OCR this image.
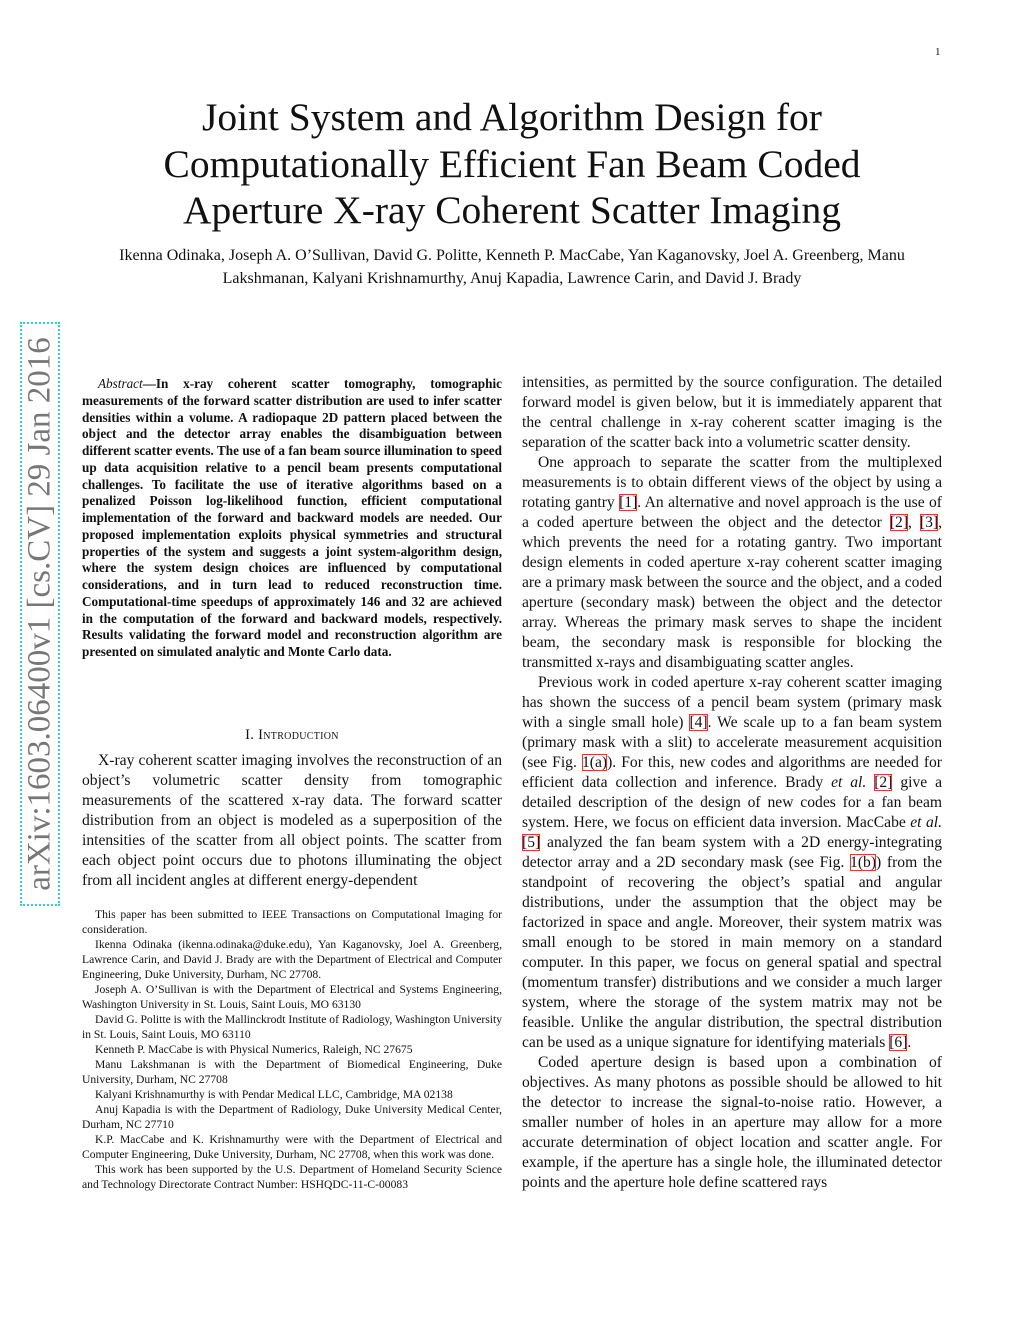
1
arXiv:1603.06400v1 [cs.CV] 29 Jan 2016
Joint System and Algorithm Design for Computationally Efficient Fan Beam Coded Aperture X-ray Coherent Scatter Imaging
Ikenna Odinaka, Joseph A. O’Sullivan, David G. Politte, Kenneth P. MacCabe, Yan Kaganovsky, Joel A. Greenberg, Manu Lakshmanan, Kalyani Krishnamurthy, Anuj Kapadia, Lawrence Carin, and David J. Brady
Abstract—In x-ray coherent scatter tomography, tomographic measurements of the forward scatter distribution are used to infer scatter densities within a volume. A radiopaque 2D pattern placed between the object and the detector array enables the disambiguation between different scatter events. The use of a fan beam source illumination to speed up data acquisition relative to a pencil beam presents computational challenges. To facilitate the use of iterative algorithms based on a penalized Poisson log-likelihood function, efficient computational implementation of the forward and backward models are needed. Our proposed implementation exploits physical symmetries and structural properties of the system and suggests a joint system-algorithm design, where the system design choices are influenced by computational considerations, and in turn lead to reduced reconstruction time. Computational-time speedups of approximately 146 and 32 are achieved in the computation of the forward and backward models, respectively. Results validating the forward model and reconstruction algorithm are presented on simulated analytic and Monte Carlo data.
I. Introduction

X-ray coherent scatter imaging involves the reconstruction of an object’s volumetric scatter density from tomographic measurements of the scattered x-ray data. The forward scatter distribution from an object is modeled as a superposition of the intensities of the scatter from all object points. The scatter from each object point occurs due to photons illuminating the object from all incident angles at different energy-dependent

intensities, as permitted by the source configuration. The detailed forward model is given below, but it is immediately apparent that the central challenge in x-ray coherent scatter imaging is the separation of the scatter back into a volumetric scatter density.

One approach to separate the scatter from the multiplexed measurements is to obtain different views of the object by using a rotating gantry [1]. An alternative and novel approach is the use of a coded aperture between the object and the detector [2], [3], which prevents the need for a rotating gantry. Two important design elements in coded aperture x-ray coherent scatter imaging are a primary mask between the source and the object, and a coded aperture (secondary mask) between the object and the detector array. Whereas the primary mask serves to shape the incident beam, the secondary mask is responsible for blocking the transmitted x-rays and disambiguating scatter angles.

Previous work in coded aperture x-ray coherent scatter imaging has shown the success of a pencil beam system (primary mask with a single small hole) [4]. We scale up to a fan beam system (primary mask with a slit) to accelerate measurement acquisition (see Fig. 1(a)). For this, new codes and algorithms are needed for efficient data collection and inference. Brady et al. [2] give a detailed description of the design of new codes for a fan beam system. Here, we focus on efficient data inversion. MacCabe et al. [5] analyzed the fan beam system with a 2D energy-integrating detector array and a 2D secondary mask (see Fig. 1(b)) from the standpoint of recovering the object’s spatial and angular distributions, under the assumption that the object may be factorized in space and angle. Moreover, their system matrix was small enough to be stored in main memory on a standard computer. In this paper, we focus on general spatial and spectral (momentum transfer) distributions and we consider a much larger system, where the storage of the system matrix may not be feasible. Unlike the angular distribution, the spectral distribution can be used as a unique signature for identifying materials [6].

Coded aperture design is based upon a combination of objectives. As many photons as possible should be allowed to hit the detector to increase the signal-to-noise ratio. However, a smaller number of holes in an aperture may allow for a more accurate determination of object location and scatter angle. For example, if the aperture has a single hole, the illuminated detector points and the aperture hole define scattered rays

This paper has been submitted to IEEE Transactions on Computational Imaging for consideration.

Ikenna Odinaka (ikenna.odinaka@duke.edu), Yan Kaganovsky, Joel A. Greenberg, Lawrence Carin, and David J. Brady are with the Department of Electrical and Computer Engineering, Duke University, Durham, NC 27708.

Joseph A. O’Sullivan is with the Department of Electrical and Systems Engineering, Washington University in St. Louis, Saint Louis, MO 63130

David G. Politte is with the Mallinckrodt Institute of Radiology, Washington University in St. Louis, Saint Louis, MO 63110

Kenneth P. MacCabe is with Physical Numerics, Raleigh, NC 27675

Manu Lakshmanan is with the Department of Biomedical Engineering, Duke University, Durham, NC 27708

Kalyani Krishnamurthy is with Pendar Medical LLC, Cambridge, MA 02138

Anuj Kapadia is with the Department of Radiology, Duke University Medical Center, Durham, NC 27710

K.P. MacCabe and K. Krishnamurthy were with the Department of Electrical and Computer Engineering, Duke University, Durham, NC 27708, when this work was done.

This work has been supported by the U.S. Department of Homeland Security Science and Technology Directorate Contract Number: HSHQDC-11-C-00083
